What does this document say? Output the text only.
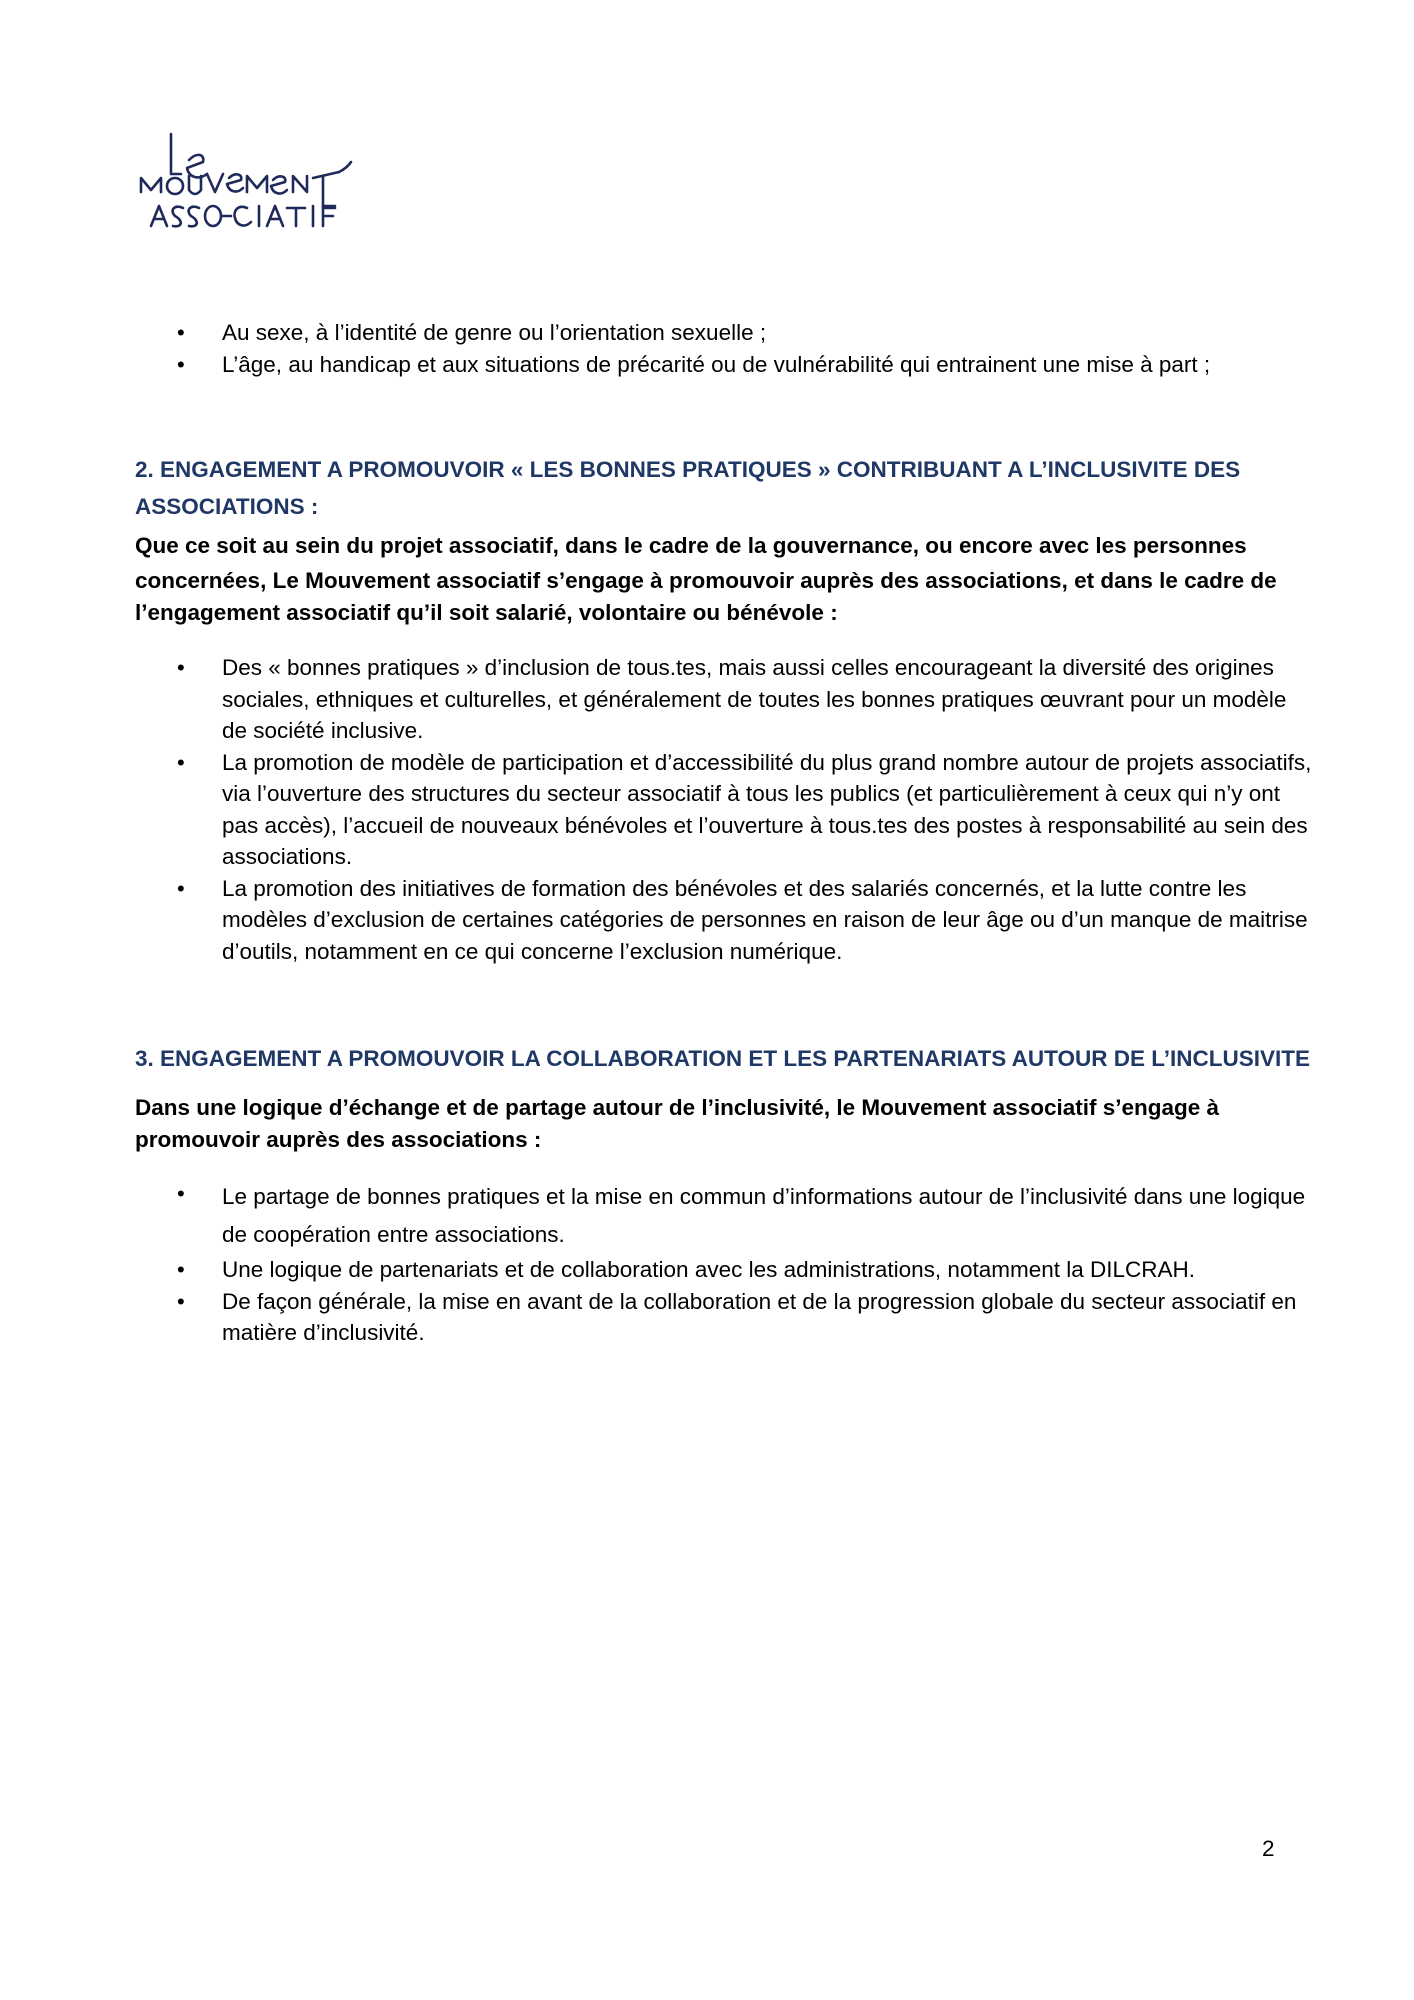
• Au sexe, à l’identité de genre ou l’orientation sexuelle ;
• L’âge, au handicap et aux situations de précarité ou de vulnérabilité qui entrainent une mise à part ;
2. ENGAGEMENT A PROMOUVOIR « LES BONNES PRATIQUES » CONTRIBUANT A L’INCLUSIVITE DES
ASSOCIATIONS :
Que ce soit au sein du projet associatif, dans le cadre de la gouvernance, ou encore avec les personnes
concernées, Le Mouvement associatif s’engage à promouvoir auprès des associations, et dans le cadre de
l’engagement associatif qu’il soit salarié, volontaire ou bénévole :
• Des « bonnes pratiques » d’inclusion de tous.tes, mais aussi celles encourageant la diversité des origines sociales, ethniques et culturelles, et généralement de toutes les bonnes pratiques œuvrant pour un modèle de société inclusive.
• La promotion de modèle de participation et d’accessibilité du plus grand nombre autour de projets associatifs, via l’ouverture des structures du secteur associatif à tous les publics (et particulièrement à ceux qui n’y ont pas accès), l’accueil de nouveaux bénévoles et l’ouverture à tous.tes des postes à responsabilité au sein des associations.
• La promotion des initiatives de formation des bénévoles et des salariés concernés, et la lutte contre les modèles d’exclusion de certaines catégories de personnes en raison de leur âge ou d’un manque de maitrise d’outils, notamment en ce qui concerne l’exclusion numérique.
3. ENGAGEMENT A PROMOUVOIR LA COLLABORATION ET LES PARTENARIATS AUTOUR DE L’INCLUSIVITE
Dans une logique d’échange et de partage autour de l’inclusivité, le Mouvement associatif s’engage à
promouvoir auprès des associations :
• Le partage de bonnes pratiques et la mise en commun d’informations autour de l’inclusivité dans une logique de coopération entre associations.
• Une logique de partenariats et de collaboration avec les administrations, notamment la DILCRAH.
• De façon générale, la mise en avant de la collaboration et de la progression globale du secteur associatif en matière d’inclusivité.
2
